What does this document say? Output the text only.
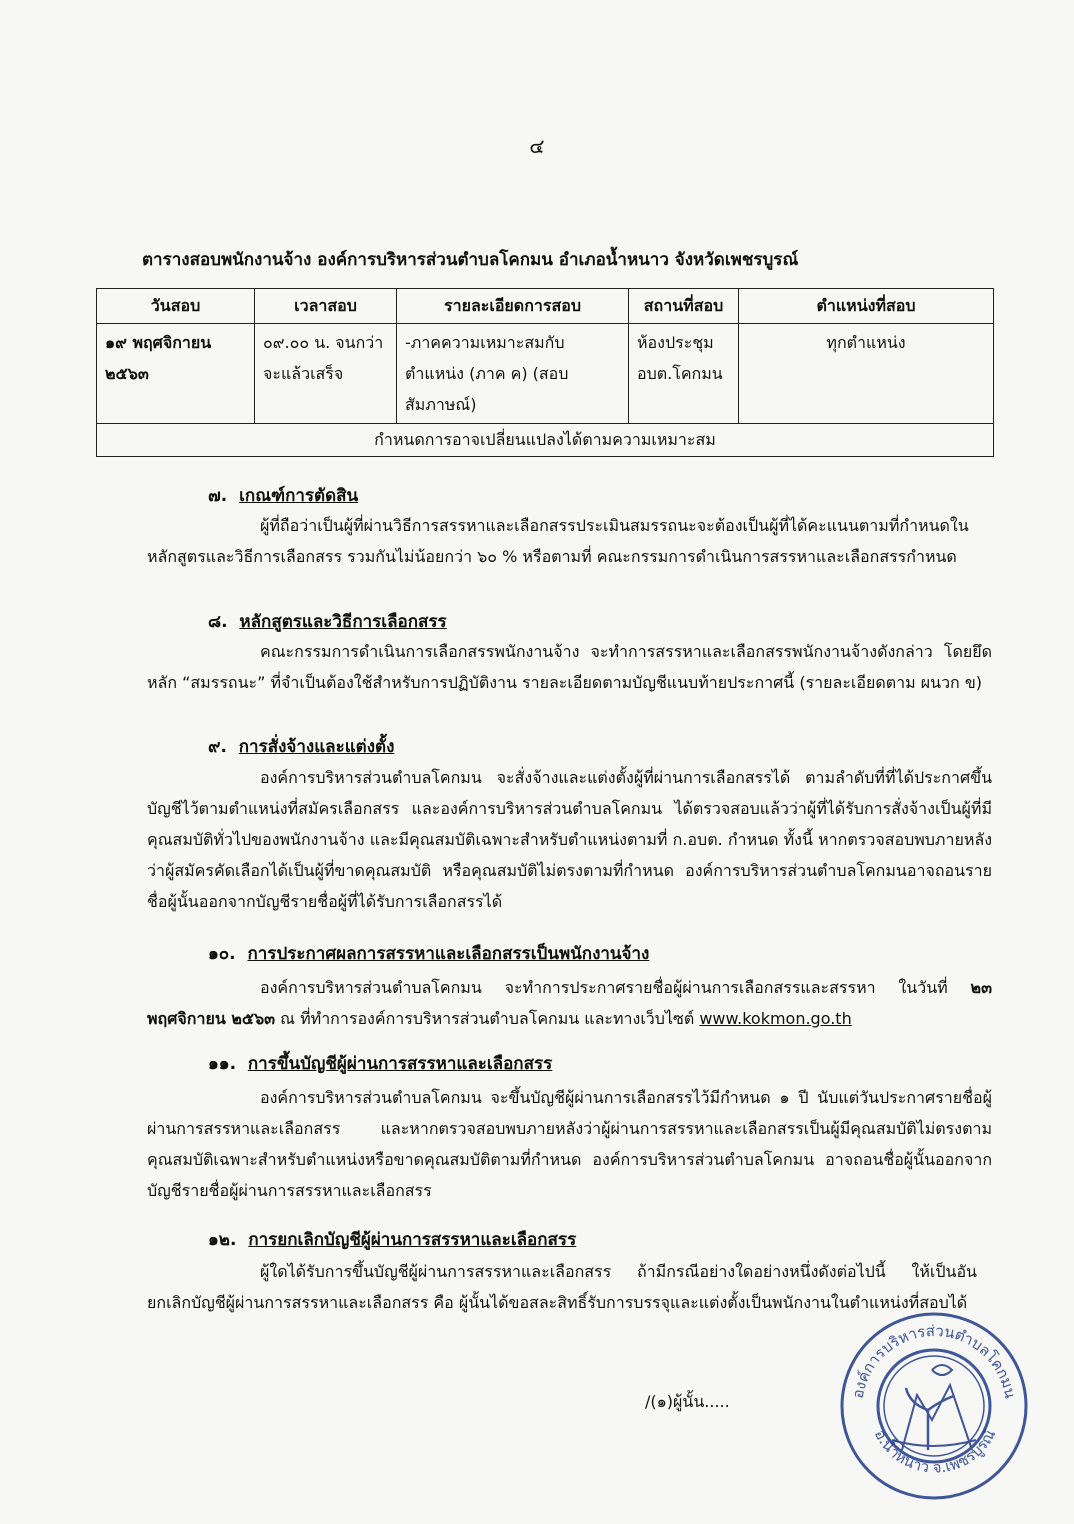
๔
ตารางสอบพนักงานจ้าง องค์การบริหารส่วนตำบลโคกมน อำเภอน้ำหนาว จังหวัดเพชรบูรณ์
วันสอบ	เวลาสอบ	รายละเอียดการสอบ	สถานที่สอบ	ตำแหน่งที่สอบ
๑๙ พฤศจิกายน ๒๕๖๓	๐๙.๐๐ น. จนกว่าจะแล้วเสร็จ	-ภาคความเหมาะสมกับตำแหน่ง (ภาค ค) (สอบสัมภาษณ์)	ห้องประชุม อบต.โคกมน	ทุกตำแหน่ง
กำหนดการอาจเปลี่ยนแปลงได้ตามความเหมาะสม				
๗. เกณฑ์การตัดสิน
ผู้ที่ถือว่าเป็นผู้ที่ผ่านวิธีการสรรหาและเลือกสรรประเมินสมรรถนะจะต้องเป็นผู้ที่ได้คะแนนตามที่กำหนดในหลักสูตรและวิธีการเลือกสรร รวมกันไม่น้อยกว่า ๖๐ % หรือตามที่ คณะกรรมการดำเนินการสรรหาและเลือกสรรกำหนด
๘. หลักสูตรและวิธีการเลือกสรร
คณะกรรมการดำเนินการเลือกสรรพนักงานจ้าง จะทำการสรรหาและเลือกสรรพนักงานจ้างดังกล่าว โดยยึดหลัก “สมรรถนะ” ที่จำเป็นต้องใช้สำหรับการปฏิบัติงาน รายละเอียดตามบัญชีแนบท้ายประกาศนี้ (รายละเอียดตาม ผนวก ข)
๙. การสั่งจ้างและแต่งตั้ง
องค์การบริหารส่วนตำบลโคกมน จะสั่งจ้างและแต่งตั้งผู้ที่ผ่านการเลือกสรรได้ ตามลำดับที่ที่ได้ประกาศขึ้นบัญชีไว้ตามตำแหน่งที่สมัครเลือกสรร และองค์การบริหารส่วนตำบลโคกมน ได้ตรวจสอบแล้วว่าผู้ที่ได้รับการสั่งจ้างเป็นผู้ที่มีคุณสมบัติทั่วไปของพนักงานจ้าง และมีคุณสมบัติเฉพาะสำหรับตำแหน่งตามที่ ก.อบต. กำหนด ทั้งนี้ หากตรวจสอบพบภายหลังว่าผู้สมัครคัดเลือกได้เป็นผู้ที่ขาดคุณสมบัติ หรือคุณสมบัติไม่ตรงตามที่กำหนด องค์การบริหารส่วนตำบลโคกมนอาจถอนรายชื่อผู้นั้นออกจากบัญชีรายชื่อผู้ที่ได้รับการเลือกสรรได้
๑๐. การประกาศผลการสรรหาและเลือกสรรเป็นพนักงานจ้าง
องค์การบริหารส่วนตำบลโคกมน จะทำการประกาศรายชื่อผู้ผ่านการเลือกสรรและสรรหา ในวันที่ ๒๓ พฤศจิกายน ๒๕๖๓ ณ ที่ทำการองค์การบริหารส่วนตำบลโคกมน และทางเว็บไซต์ www.kokmon.go.th
๑๑. การขึ้นบัญชีผู้ผ่านการสรรหาและเลือกสรร
องค์การบริหารส่วนตำบลโคกมน จะขึ้นบัญชีผู้ผ่านการเลือกสรรไว้มีกำหนด ๑ ปี นับแต่วันประกาศรายชื่อผู้ผ่านการสรรหาและเลือกสรร และหากตรวจสอบพบภายหลังว่าผู้ผ่านการสรรหาและเลือกสรรเป็นผู้มีคุณสมบัติไม่ตรงตามคุณสมบัติเฉพาะสำหรับตำแหน่งหรือขาดคุณสมบัติตามที่กำหนด องค์การบริหารส่วนตำบลโคกมน อาจถอนชื่อผู้นั้นออกจากบัญชีรายชื่อผู้ผ่านการสรรหาและเลือกสรร
๑๒. การยกเลิกบัญชีผู้ผ่านการสรรหาและเลือกสรร
ผู้ใดได้รับการขึ้นบัญชีผู้ผ่านการสรรหาและเลือกสรร ถ้ามีกรณีอย่างใดอย่างหนึ่งดังต่อไปนี้ ให้เป็นอันยกเลิกบัญชีผู้ผ่านการสรรหาและเลือกสรร คือ ผู้นั้นได้ขอสละสิทธิ์รับการบรรจุและแต่งตั้งเป็นพนักงานในตำแหน่งที่สอบได้
/(๑)ผู้นั้น.....	องค์การบริหารส่วนตำบลโคกมน
อ.น้ำหนาว จ.เพชรบูรณ์
